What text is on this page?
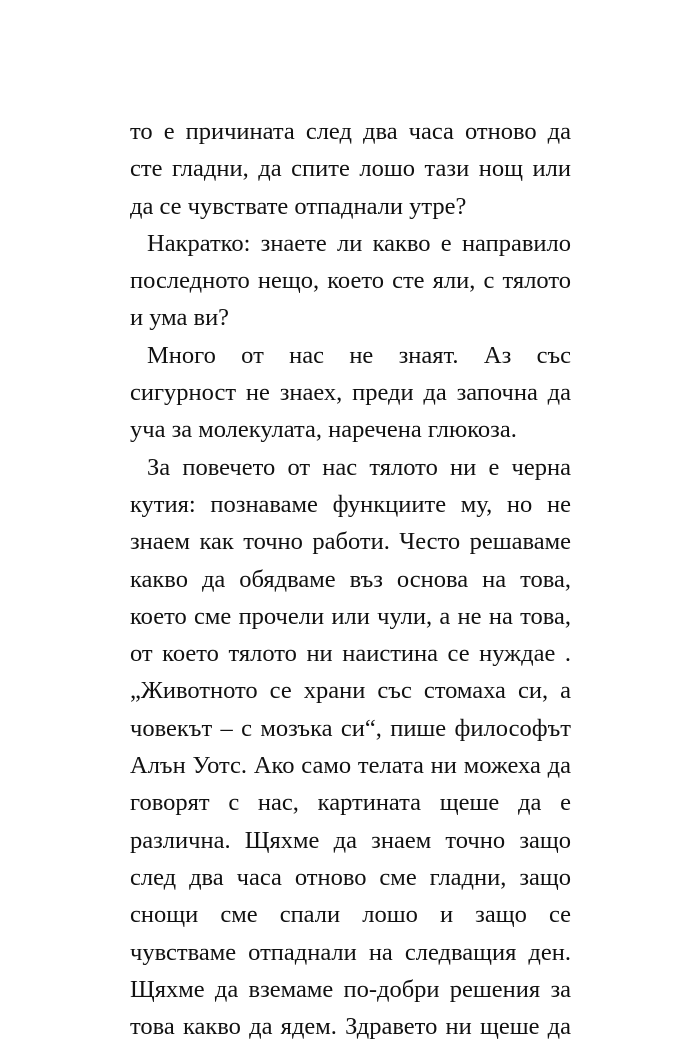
то е причината след два часа отново да
сте гладни, да спите лошо тази нощ или
да се чувствате отпаднали утре?
Накратко: знаете ли какво е направило
последното нещо, което сте яли, с тялото
и ума ви?
Много от нас не знаят. Аз със
сигурност не знаех, преди да започна да
уча за молекулата, наречена глюкоза.
За повечето от нас тялото ни е черна
кутия: познаваме функциите му, но не
знаем как точно работи. Често решаваме
какво да обядваме въз основа на това,
което сме прочели или чули, а не на това,
от което тялото ни наистина се нуждае .
„Животното се храни със стомаха си, а
човекът – с мозъка си“, пише философът
Алън Уотс. Ако само телата ни можеха да
говорят с нас, картината щеше да е
различна. Щяхме да знаем точно защо
след два часа отново сме гладни, защо
снощи сме спали лошо и защо се
чувстваме отпаднали на следващия ден.
Щяхме да вземаме по-добри решения за
това какво да ядем. Здравето ни щеше да
